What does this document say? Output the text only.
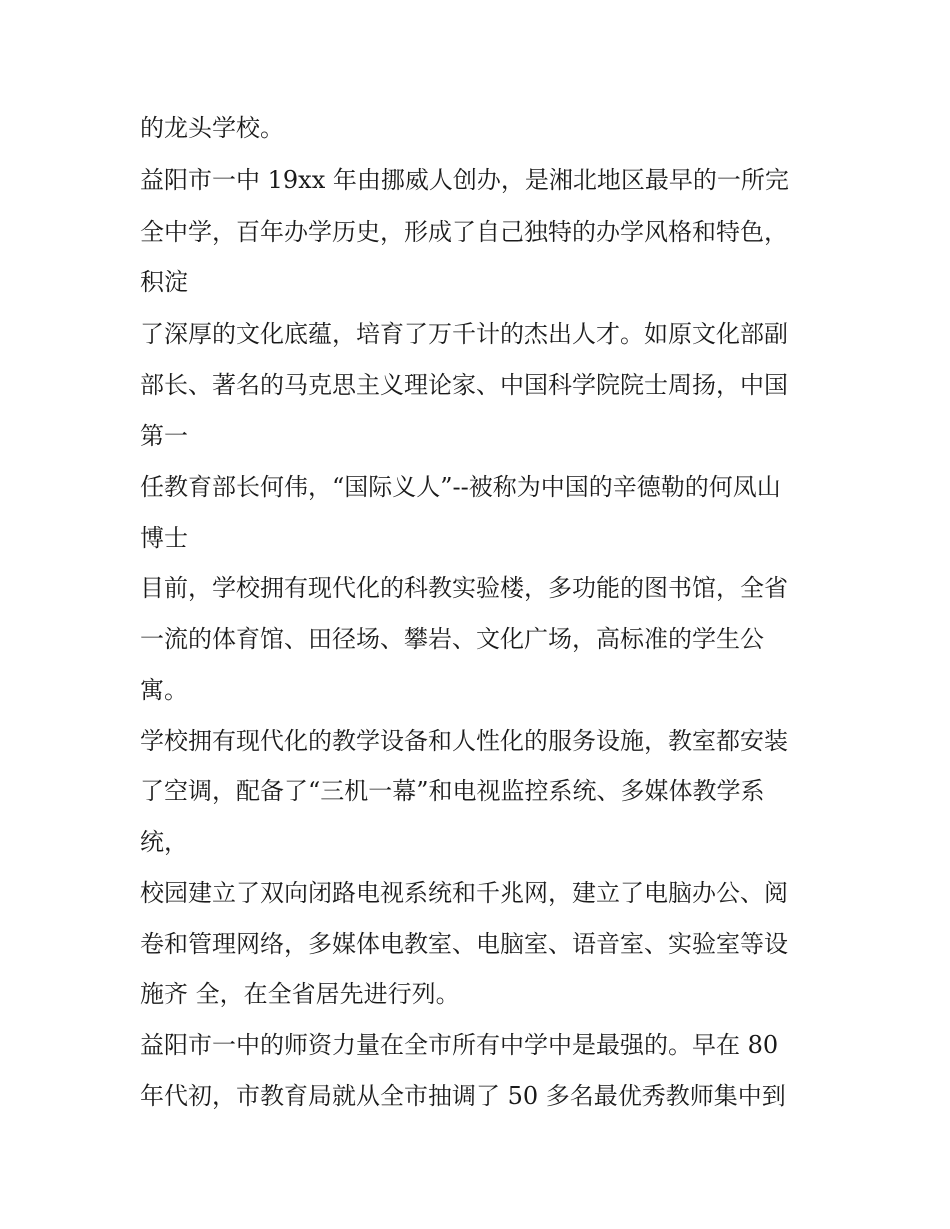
的龙头学校。

益阳市一中 19xx 年由挪威人创办，是湘北地区最早的一所完

全中学，百年办学历史，形成了自己独特的办学风格和特色，

积淀

了深厚的文化底蕴，培育了万千计的杰出人才。如原文化部副

部长、著名的马克思主义理论家、中国科学院院士周扬，中国

第一

任教育部长何伟，“国际义人”--被称为中国的辛德勒的何凤山

博士

目前，学校拥有现代化的科教实验楼，多功能的图书馆，全省

一流的体育馆、田径场、攀岩、文化广场，高标准的学生公

寓。

学校拥有现代化的教学设备和人性化的服务设施，教室都安装

了空调，配备了“三机一幕”和电视监控系统、多媒体教学系

统，

校园建立了双向闭路电视系统和千兆网，建立了电脑办公、阅

卷和管理网络，多媒体电教室、电脑室、语音室、实验室等设

施齐 全，在全省居先进行列。

益阳市一中的师资力量在全市所有中学中是最强的。早在 80

年代初，市教育局就从全市抽调了 50 多名最优秀教师集中到
